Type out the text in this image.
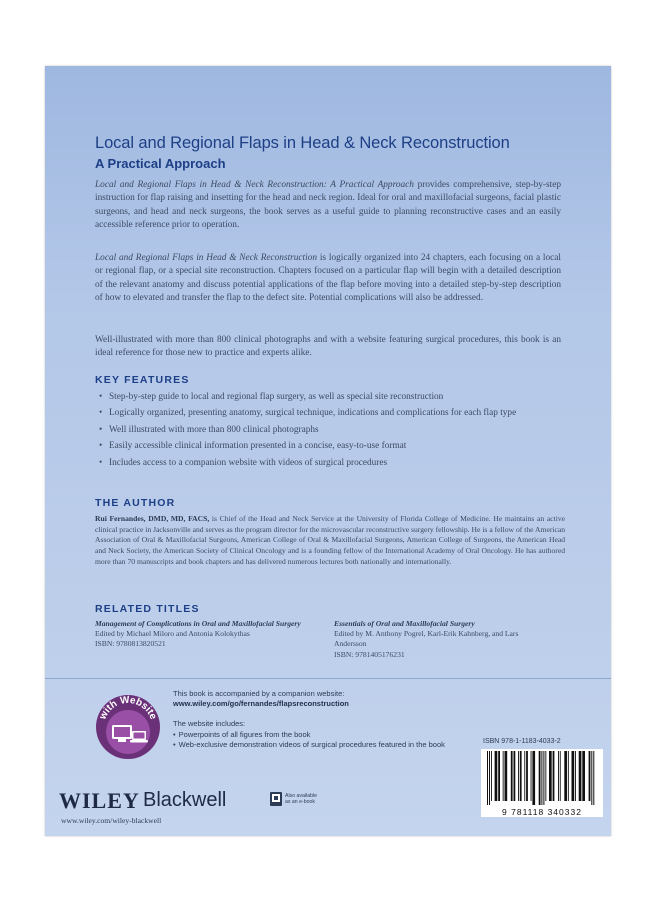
Local and Regional Flaps in Head & Neck Reconstruction
A Practical Approach
Local and Regional Flaps in Head & Neck Reconstruction: A Practical Approach provides comprehensive, step-by-step instruction for flap raising and insetting for the head and neck region. Ideal for oral and maxillofacial surgeons, facial plastic surgeons, and head and neck surgeons, the book serves as a useful guide to planning reconstructive cases and an easily accessible reference prior to operation.
Local and Regional Flaps in Head & Neck Reconstruction is logically organized into 24 chapters, each focusing on a local or regional flap, or a special site reconstruction. Chapters focused on a particular flap will begin with a detailed description of the relevant anatomy and discuss potential applications of the flap before moving into a detailed step-by-step description of how to elevated and transfer the flap to the defect site. Potential complications will also be addressed.
Well-illustrated with more than 800 clinical photographs and with a website featuring surgical procedures, this book is an ideal reference for those new to practice and experts alike.
KEY FEATURES
• Step-by-step guide to local and regional flap surgery, as well as special site reconstruction
• Logically organized, presenting anatomy, surgical technique, indications and complications for each flap type
• Well illustrated with more than 800 clinical photographs
• Easily accessible clinical information presented in a concise, easy-to-use format
• Includes access to a companion website with videos of surgical procedures
THE AUTHOR
Rui Fernandes, DMD, MD, FACS, is Chief of the Head and Neck Service at the University of Florida College of Medicine. He maintains an active clinical practice in Jacksonville and serves as the program director for the microvascular reconstructive surgery fellowship. He is a fellow of the American Association of Oral & Maxillofacial Surgeons, American College of Oral & Maxillofacial Surgeons, American College of Surgeons, the American Head and Neck Society, the American Society of Clinical Oncology and is a founding fellow of the International Academy of Oral Oncology. He has authored more than 70 manuscripts and book chapters and has delivered numerous lectures both nationally and internationally.
RELATED TITLES
Management of Complications in Oral and Maxillofacial Surgery
Edited by Michael Miloro and Antonia Kolokythas
ISBN: 9780813820521
Essentials of Oral and Maxillofacial Surgery
Edited by M. Anthony Pogrel, Karl-Erik Kahnberg, and Lars Andersson
ISBN: 9781405176231
with Website
This book is accompanied by a companion website:
www.wiley.com/go/fernandes/flapsreconstruction
The website includes:
• Powerpoints of all figures from the book
• Web-exclusive demonstration videos of surgical procedures featured in the book	ISBN 978-1-1183-4033-2
9 781118 340332
WILEY Blackwell
www.wiley.com/wiley-blackwell
Also available
as an e-book
